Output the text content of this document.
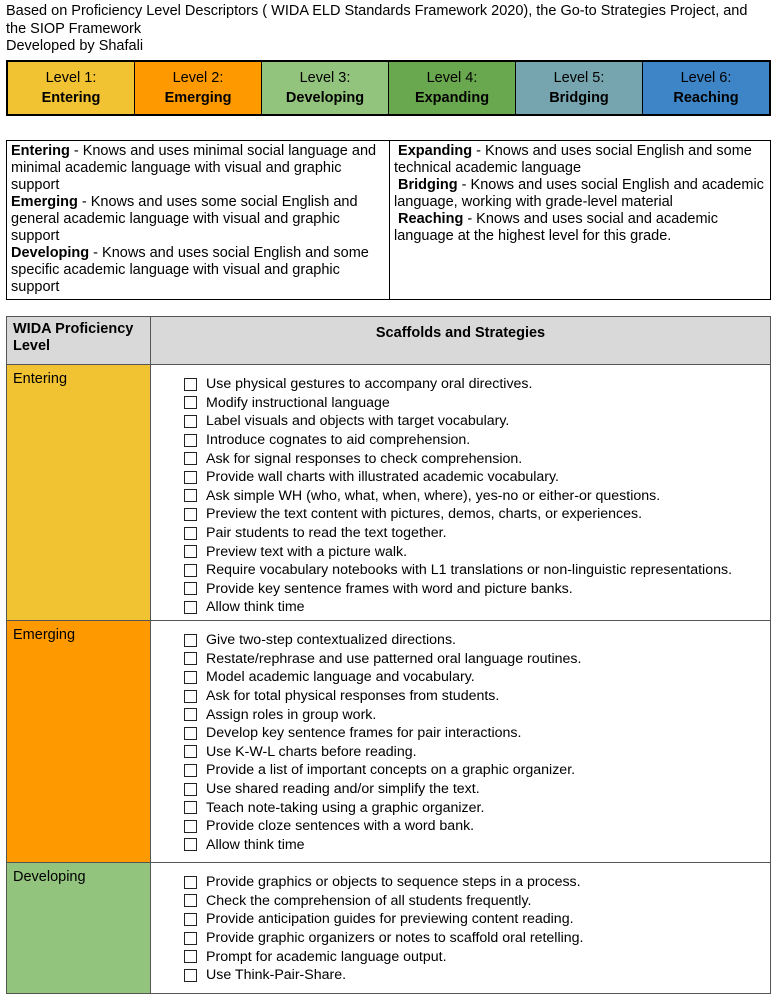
Based on Proficiency Level Descriptors ( WIDA ELD Standards Framework 2020), the Go-to Strategies Project, and
the SIOP Framework
Developed by Shafali
Level 1:
Entering
Level 2:
Emerging
Level 3:
Developing
Level 4:
Expanding
Level 5:
Bridging
Level 6:
Reaching
Entering - Knows and uses minimal social language and minimal academic language with visual and graphic support
Emerging - Knows and uses some social English and general academic language with visual and graphic support
Developing - Knows and uses social English and some specific academic language with visual and graphic support
Expanding - Knows and uses social English and some technical academic language
Bridging - Knows and uses social English and academic language, working with grade-level material
Reaching - Knows and uses social and academic language at the highest level for this grade.
WIDA Proficiency Level
Scaffolds and Strategies
Entering	Use physical gestures to accompany oral directives.
Modify instructional language
Label visuals and objects with target vocabulary.
Introduce cognates to aid comprehension.
Ask for signal responses to check comprehension.
Provide wall charts with illustrated academic vocabulary.
Ask simple WH (who, what, when, where), yes-no or either-or questions.
Preview the text content with pictures, demos, charts, or experiences.
Pair students to read the text together.
Preview text with a picture walk.
Require vocabulary notebooks with L1 translations or non-linguistic representations.
Provide key sentence frames with word and picture banks.
Allow think time
Emerging	Give two-step contextualized directions.
Restate/rephrase and use patterned oral language routines.
Model academic language and vocabulary.
Ask for total physical responses from students.
Assign roles in group work.
Develop key sentence frames for pair interactions.
Use K-W-L charts before reading.
Provide a list of important concepts on a graphic organizer.
Use shared reading and/or simplify the text.
Teach note-taking using a graphic organizer.
Provide cloze sentences with a word bank.
Allow think time
Developing	Provide graphics or objects to sequence steps in a process.
Check the comprehension of all students frequently.
Provide anticipation guides for previewing content reading.
Provide graphic organizers or notes to scaffold oral retelling.
Prompt for academic language output.
Use Think-Pair-Share.
